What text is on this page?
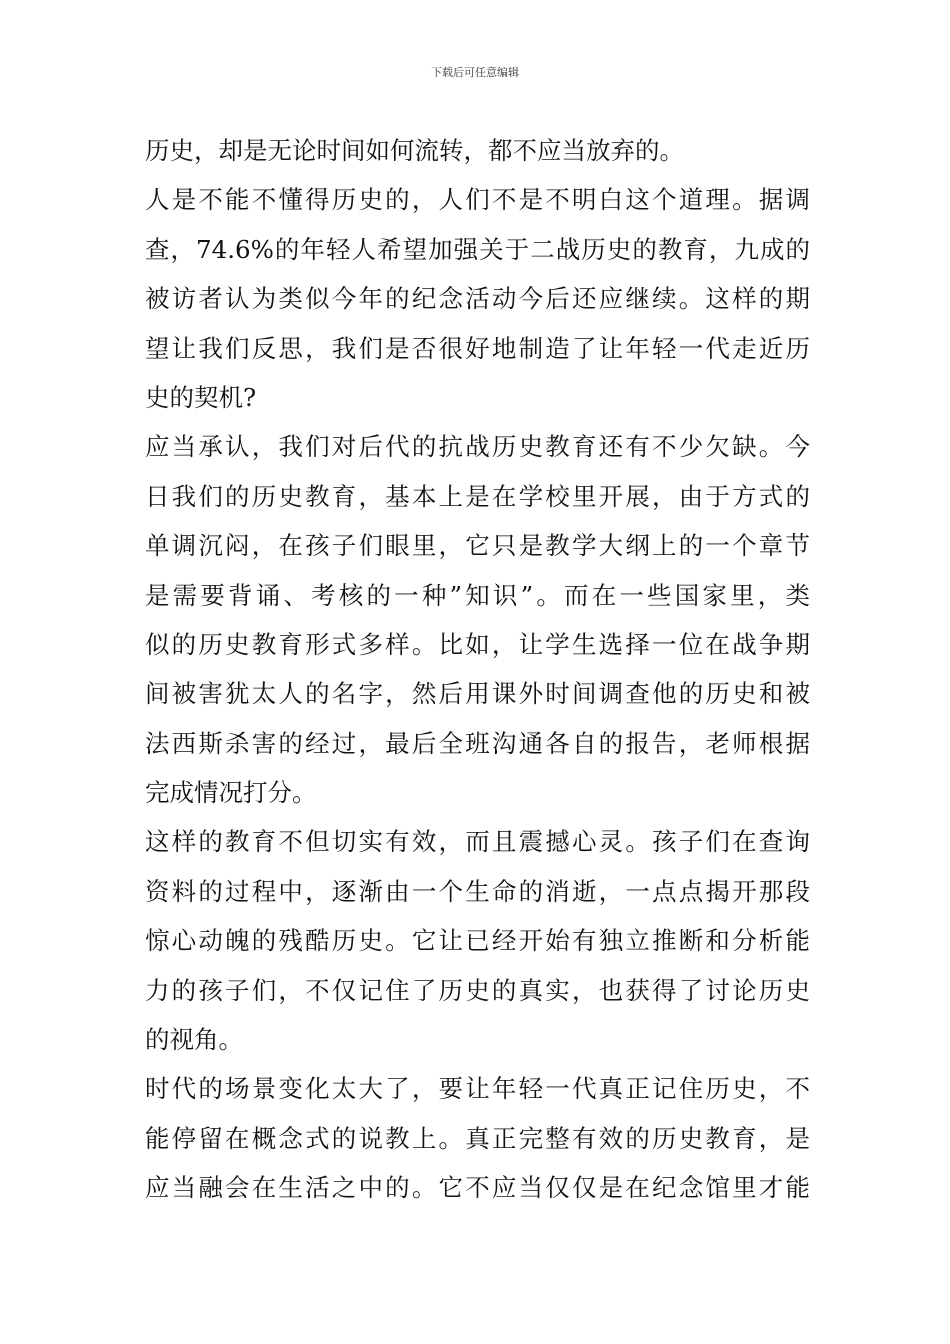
下载后可任意编辑
历史，却是无论时间如何流转，都不应当放弃的。
人是不能不懂得历史的，人们不是不明白这个道理。据调
查，74.6%的年轻人希望加强关于二战历史的教育，九成的
被访者认为类似今年的纪念活动今后还应继续。这样的期
望让我们反思，我们是否很好地制造了让年轻一代走近历
史的契机?
应当承认，我们对后代的抗战历史教育还有不少欠缺。今
日我们的历史教育，基本上是在学校里开展，由于方式的
单调沉闷，在孩子们眼里，它只是教学大纲上的一个章节
是需要背诵、考核的一种”知识”。而在一些国家里，类
似的历史教育形式多样。比如，让学生选择一位在战争期
间被害犹太人的名字，然后用课外时间调查他的历史和被
法西斯杀害的经过，最后全班沟通各自的报告，老师根据
完成情况打分。
这样的教育不但切实有效，而且震撼心灵。孩子们在查询
资料的过程中，逐渐由一个生命的消逝，一点点揭开那段
惊心动魄的残酷历史。它让已经开始有独立推断和分析能
力的孩子们，不仅记住了历史的真实，也获得了讨论历史
的视角。
时代的场景变化太大了，要让年轻一代真正记住历史，不
能停留在概念式的说教上。真正完整有效的历史教育，是
应当融会在生活之中的。它不应当仅仅是在纪念馆里才能
